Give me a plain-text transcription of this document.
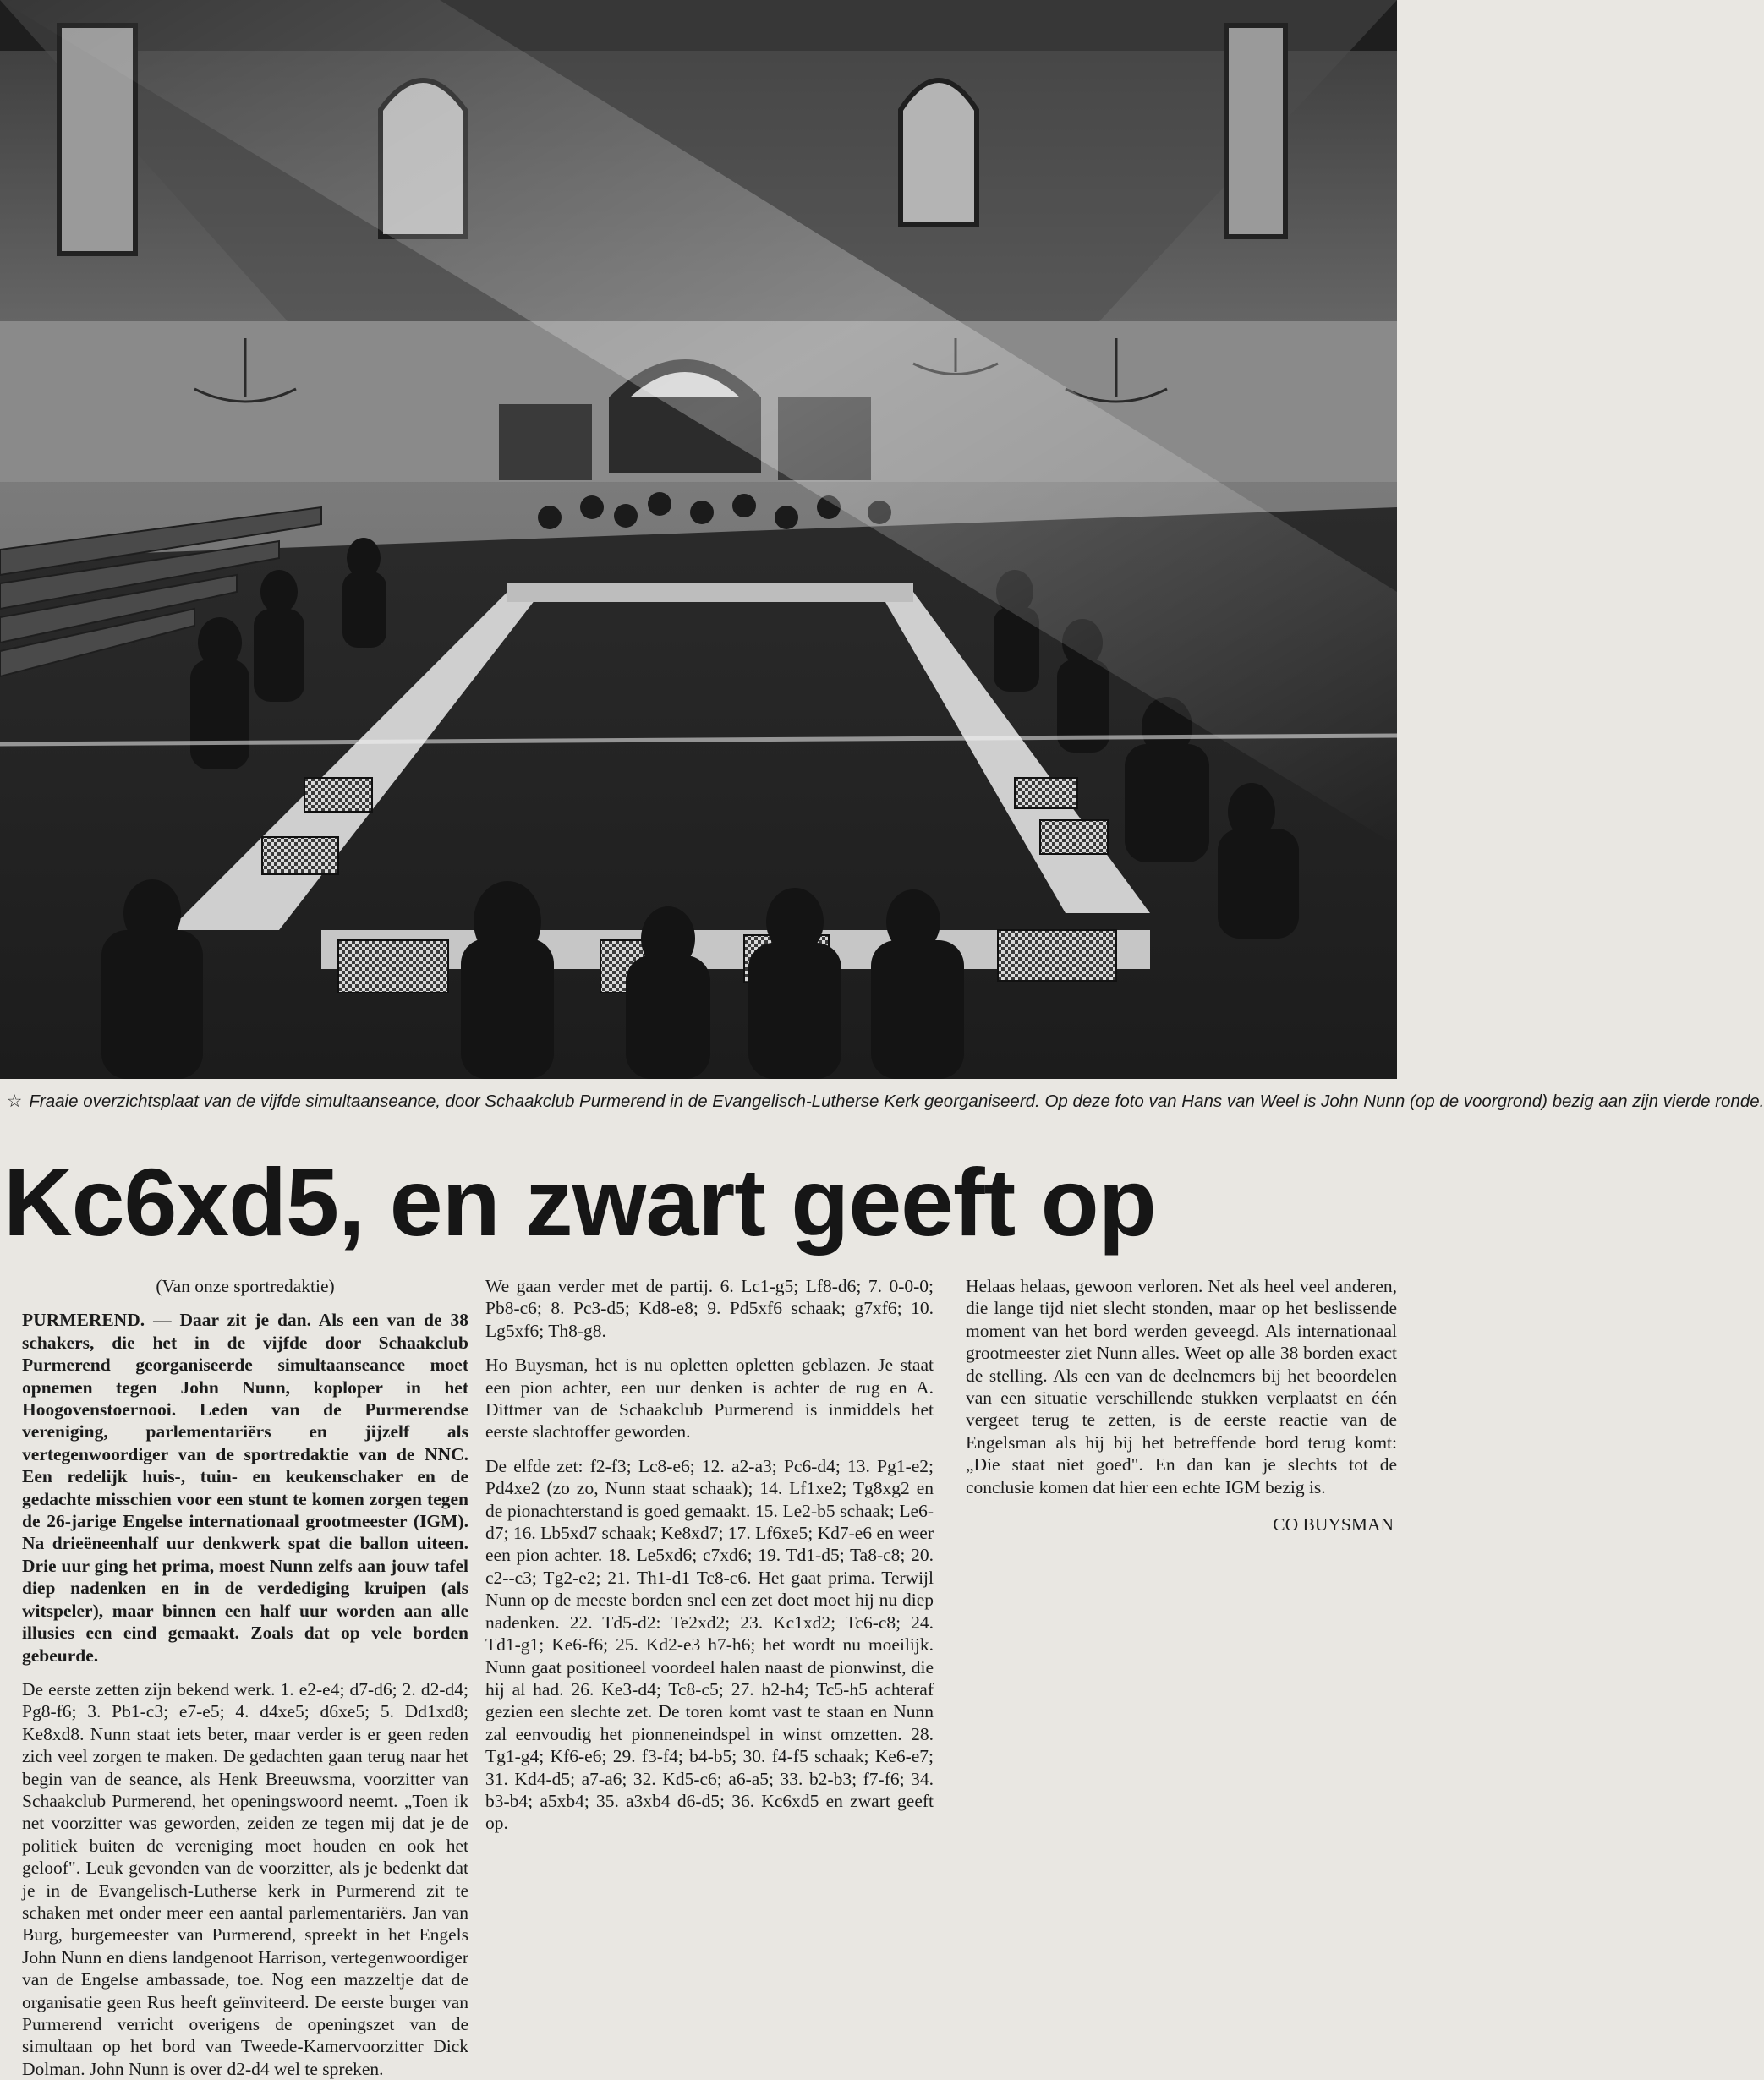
☆ Fraaie overzichtsplaat van de vijfde simultaanseance, door Schaakclub Purmerend in de Evangelisch-Lutherse Kerk georganiseerd. Op deze foto van Hans van Weel is John Nunn (op de voorgrond) bezig aan zijn vierde ronde.
Kc6xd5, en zwart geeft op

(Van onze sportredaktie)

PURMEREND. — Daar zit je dan. Als een van de 38 schakers, die het in de vijfde door Schaakclub Purmerend georganiseerde simultaanseance moet opnemen tegen John Nunn, koploper in het Hoogovenstoernooi. Leden van de Purmerendse vereniging, parlementariërs en jijzelf als vertegenwoordiger van de sportredaktie van de NNC. Een redelijk huis-, tuin- en keukenschaker en de gedachte misschien voor een stunt te komen zorgen tegen de 26-jarige Engelse internationaal grootmeester (IGM). Na drieëneenhalf uur denkwerk spat die ballon uiteen. Drie uur ging het prima, moest Nunn zelfs aan jouw tafel diep nadenken en in de verdediging kruipen (als witspeler), maar binnen een half uur worden aan alle illusies een eind gemaakt. Zoals dat op vele borden gebeurde.

De eerste zetten zijn bekend werk. 1. e2-e4; d7-d6; 2. d2-d4; Pg8-f6; 3. Pb1-c3; e7-e5; 4. d4xe5; d6xe5; 5. Dd1xd8; Ke8xd8. Nunn staat iets beter, maar verder is er geen reden zich veel zorgen te maken. De gedachten gaan terug naar het begin van de seance, als Henk Breeuwsma, voorzitter van Schaakclub Purmerend, het openingswoord neemt. „Toen ik net voorzitter was geworden, zeiden ze tegen mij dat je de politiek buiten de vereniging moet houden en ook het geloof". Leuk gevonden van de voorzitter, als je bedenkt dat je in de Evangelisch-Lutherse kerk in Purmerend zit te schaken met onder meer een aantal parlementariërs. Jan van Burg, burgemeester van Purmerend, spreekt in het Engels John Nunn en diens landgenoot Harrison, vertegenwoordiger van de Engelse ambassade, toe. Nog een mazzeltje dat de organisatie geen Rus heeft geïnviteerd. De eerste burger van Purmerend verricht overigens de openingszet van de simultaan op het bord van Tweede-Kamervoorzitter Dick Dolman. John Nunn is over d2-d4 wel te spreken.

We gaan verder met de partij. 6. Lc1-g5; Lf8-d6; 7. 0-0-0; Pb8-c6; 8. Pc3-d5; Kd8-e8; 9. Pd5xf6 schaak; g7xf6; 10. Lg5xf6; Th8-g8.

Ho Buysman, het is nu opletten opletten geblazen. Je staat een pion achter, een uur denken is achter de rug en A. Dittmer van de Schaakclub Purmerend is inmiddels het eerste slachtoffer geworden.

De elfde zet: f2-f3; Lc8-e6; 12. a2-a3; Pc6-d4; 13. Pg1-e2; Pd4xe2 (zo zo, Nunn staat schaak); 14. Lf1xe2; Tg8xg2 en de pionachterstand is goed gemaakt. 15. Le2-b5 schaak; Le6-d7; 16. Lb5xd7 schaak; Ke8xd7; 17. Lf6xe5; Kd7-e6 en weer een pion achter. 18. Le5xd6; c7xd6; 19. Td1-d5; Ta8-c8; 20. c2--c3; Tg2-e2; 21. Th1-d1 Tc8-c6. Het gaat prima. Terwijl Nunn op de meeste borden snel een zet doet moet hij nu diep nadenken. 22. Td5-d2: Te2xd2; 23. Kc1xd2; Tc6-c8; 24. Td1-g1; Ke6-f6; 25. Kd2-e3 h7-h6; het wordt nu moeilijk. Nunn gaat positioneel voordeel halen naast de pionwinst, die hij al had. 26. Ke3-d4; Tc8-c5; 27. h2-h4; Tc5-h5 achteraf gezien een slechte zet. De toren komt vast te staan en Nunn zal eenvoudig het pionneneindspel in winst omzetten. 28. Tg1-g4; Kf6-e6; 29. f3-f4; b4-b5; 30. f4-f5 schaak; Ke6-e7; 31. Kd4-d5; a7-a6; 32. Kd5-c6; a6-a5; 33. b2-b3; f7-f6; 34. b3-b4; a5xb4; 35. a3xb4 d6-d5; 36. Kc6xd5 en zwart geeft op.

Helaas helaas, gewoon verloren. Net als heel veel anderen, die lange tijd niet slecht stonden, maar op het beslissende moment van het bord werden geveegd. Als internationaal grootmeester ziet Nunn alles. Weet op alle 38 borden exact de stelling. Als een van de deelnemers bij het beoordelen van een situatie verschillende stukken verplaatst en één vergeet terug te zetten, is de eerste reactie van de Engelsman als hij bij het betreffende bord terug komt: „Die staat niet goed". En dan kan je slechts tot de conclusie komen dat hier een echte IGM bezig is.

CO BUYSMAN
